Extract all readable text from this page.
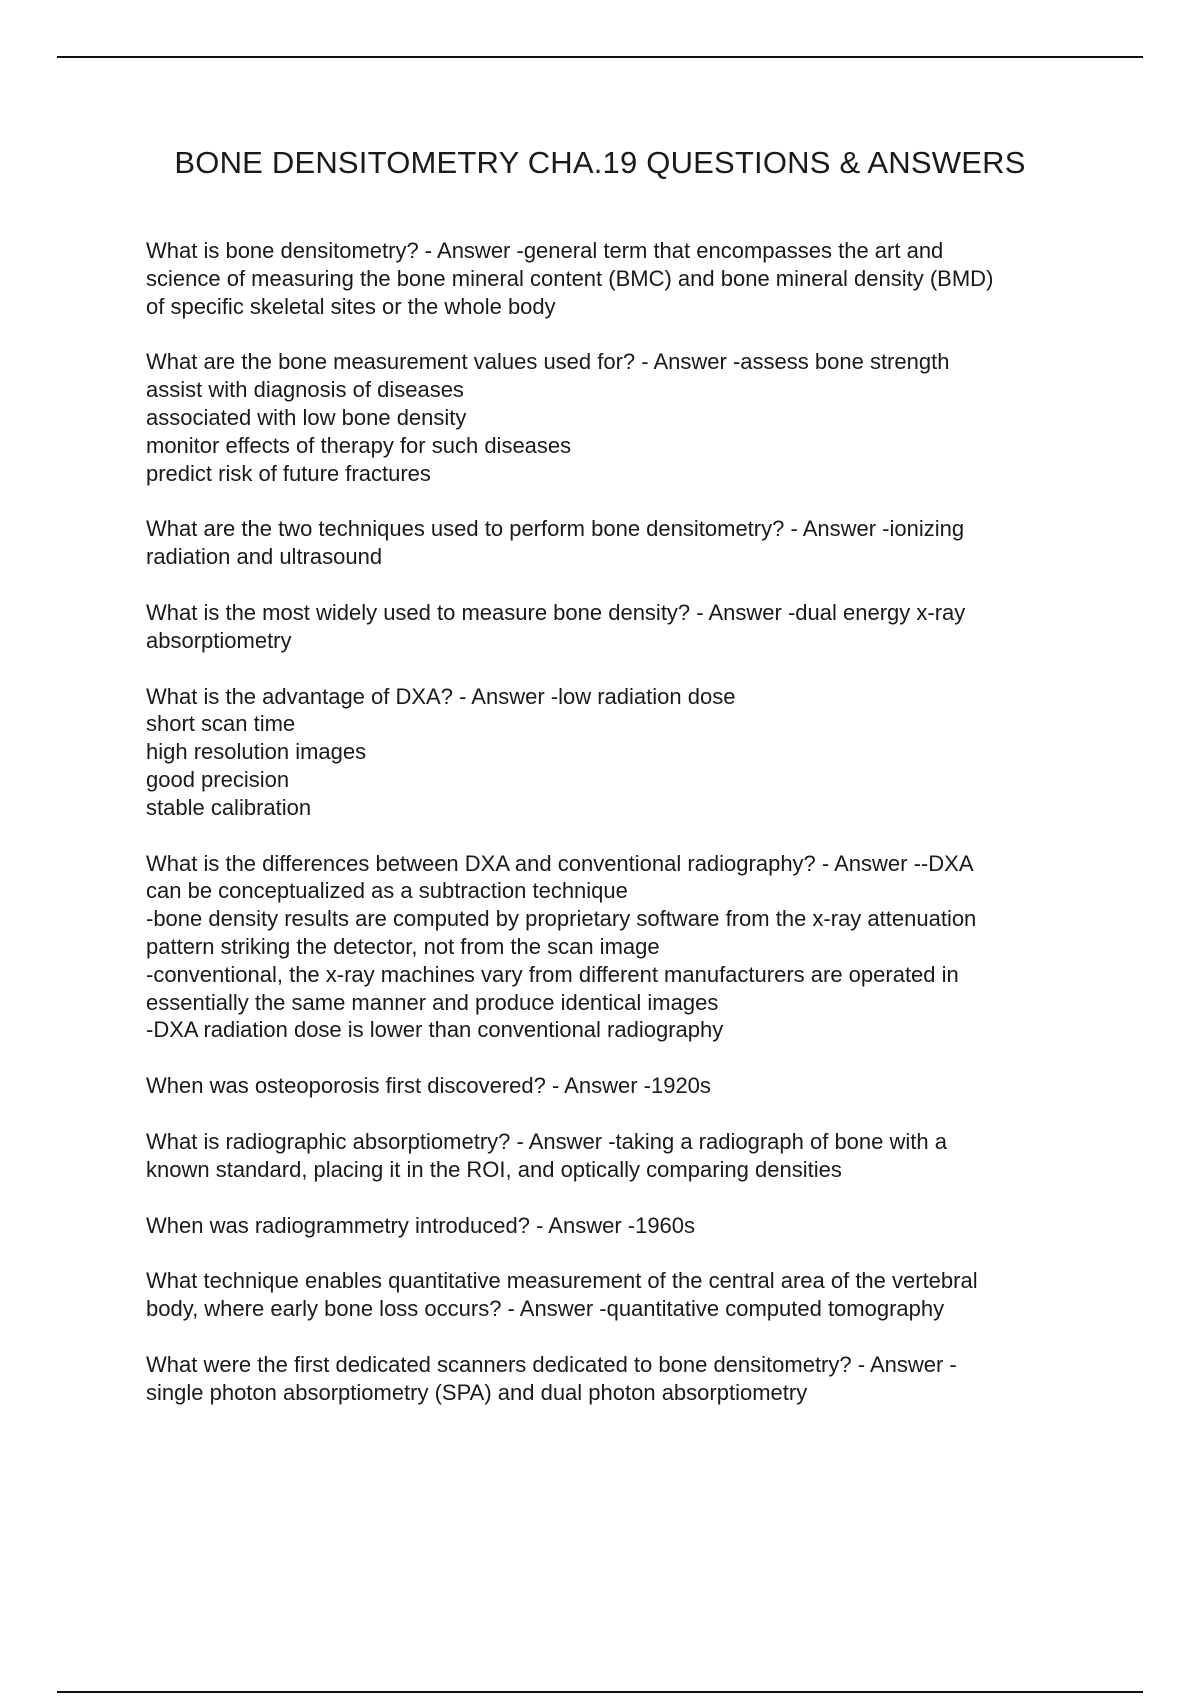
BONE DENSITOMETRY CHA.19 QUESTIONS & ANSWERS
What is bone densitometry? - Answer -general term that encompasses the art and
science of measuring the bone mineral content (BMC) and bone mineral density (BMD)
of specific skeletal sites or the whole body
What are the bone measurement values used for? - Answer -assess bone strength
assist with diagnosis of diseases
associated with low bone density
monitor effects of therapy for such diseases
predict risk of future fractures
What are the two techniques used to perform bone densitometry? - Answer -ionizing
radiation and ultrasound
What is the most widely used to measure bone density? - Answer -dual energy x-ray
absorptiometry
What is the advantage of DXA? - Answer -low radiation dose
short scan time
high resolution images
good precision
stable calibration
What is the differences between DXA and conventional radiography? - Answer --DXA
can be conceptualized as a subtraction technique
-bone density results are computed by proprietary software from the x-ray attenuation
pattern striking the detector, not from the scan image
-conventional, the x-ray machines vary from different manufacturers are operated in
essentially the same manner and produce identical images
-DXA radiation dose is lower than conventional radiography
When was osteoporosis first discovered? - Answer -1920s
What is radiographic absorptiometry? - Answer -taking a radiograph of bone with a
known standard, placing it in the ROI, and optically comparing densities
When was radiogrammetry introduced? - Answer -1960s
What technique enables quantitative measurement of the central area of the vertebral
body, where early bone loss occurs? - Answer -quantitative computed tomography
What were the first dedicated scanners dedicated to bone densitometry? - Answer -
single photon absorptiometry (SPA) and dual photon absorptiometry
